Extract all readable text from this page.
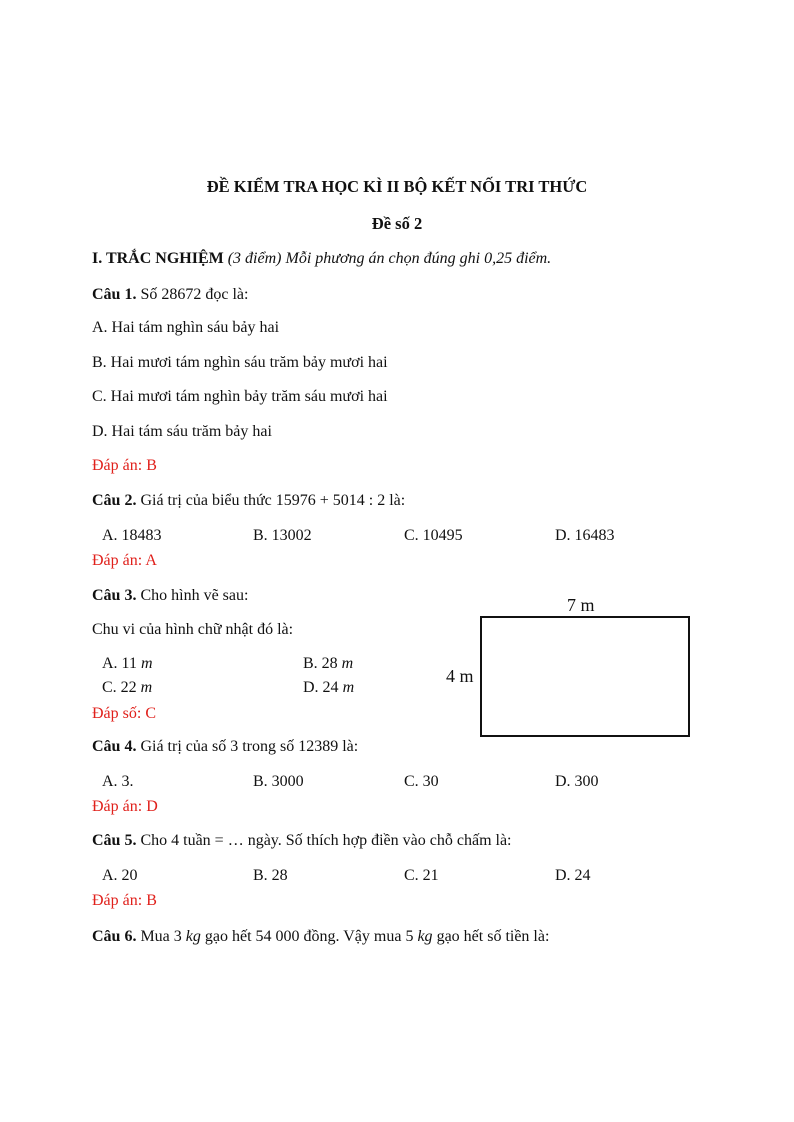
ĐỀ KIỂM TRA HỌC KÌ II BỘ KẾT NỐI TRI THỨC
Đề số 2
I. TRẮC NGHIỆM (3 điểm) Mỗi phương án chọn đúng ghi 0,25 điểm.
Câu 1. Số 28672 đọc là:
A. Hai tám nghìn sáu bảy hai
B. Hai mươi tám nghìn sáu trăm bảy mươi hai
C. Hai mươi tám nghìn bảy trăm sáu mươi hai
D. Hai tám sáu trăm bảy hai
Đáp án: B
Câu 2. Giá trị của biểu thức 15976 + 5014 : 2 là:
A. 18483	B. 13002	C. 10495	D. 16483
Đáp án: A
Câu 3. Cho hình vẽ sau:
Chu vi của hình chữ nhật đó là:
A. 11 m	B. 28 m
C. 22 m	D. 24 m
Đáp số: C
7 m
4 m
Câu 4. Giá trị của số 3 trong số 12389 là:
A. 3.	B. 3000	C. 30	D. 300
Đáp án: D
Câu 5. Cho 4 tuần = … ngày. Số thích hợp điền vào chỗ chấm là:
A. 20	B. 28	C. 21	D. 24
Đáp án: B
Câu 6. Mua 3 kg gạo hết 54 000 đồng. Vậy mua 5 kg gạo hết số tiền là:
